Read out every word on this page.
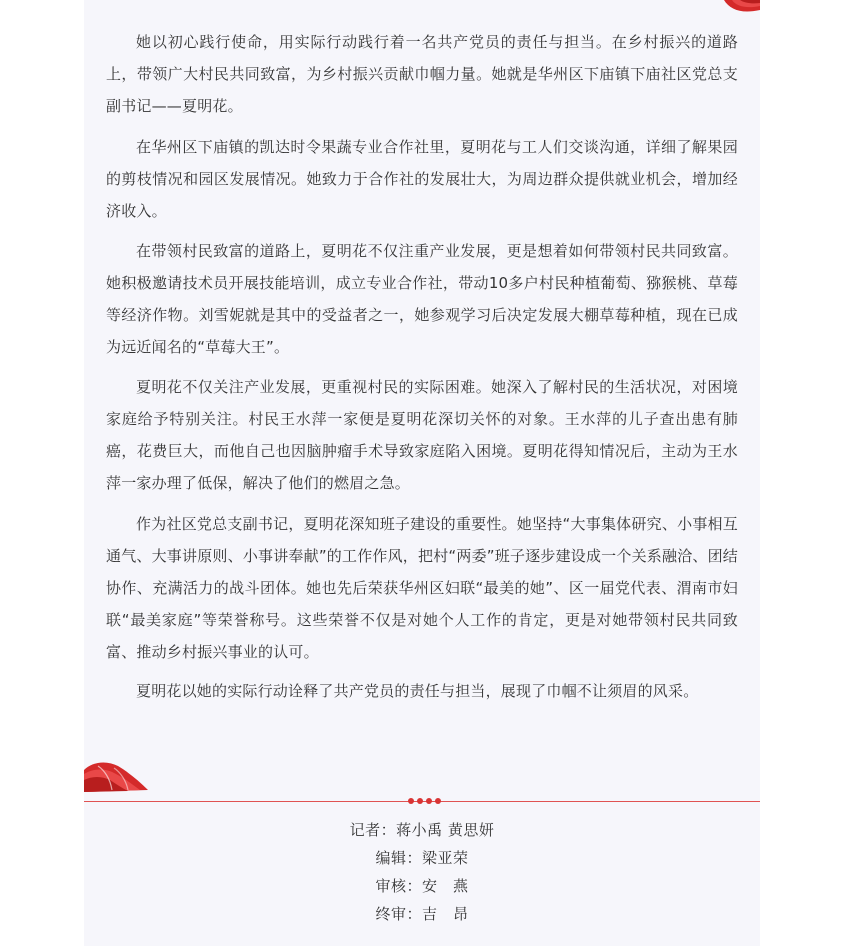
她以初心践行使命，用实际行动践行着一名共产党员的责任与担当。在乡村振兴的道路上，带领广大村民共同致富，为乡村振兴贡献巾帼力量。她就是华州区下庙镇下庙社区党总支副书记——夏明花。

在华州区下庙镇的凯达时令果蔬专业合作社里，夏明花与工人们交谈沟通，详细了解果园的剪枝情况和园区发展情况。她致力于合作社的发展壮大，为周边群众提供就业机会，增加经济收入。

在带领村民致富的道路上，夏明花不仅注重产业发展，更是想着如何带领村民共同致富。她积极邀请技术员开展技能培训，成立专业合作社，带动10多户村民种植葡萄、猕猴桃、草莓等经济作物。刘雪妮就是其中的受益者之一，她参观学习后决定发展大棚草莓种植，现在已成为远近闻名的“草莓大王”。

夏明花不仅关注产业发展，更重视村民的实际困难。她深入了解村民的生活状况，对困境家庭给予特别关注。村民王水萍一家便是夏明花深切关怀的对象。王水萍的儿子查出患有肺癌，花费巨大，而他自己也因脑肿瘤手术导致家庭陷入困境。夏明花得知情况后，主动为王水萍一家办理了低保，解决了他们的燃眉之急。

作为社区党总支副书记，夏明花深知班子建设的重要性。她坚持“大事集体研究、小事相互通气、大事讲原则、小事讲奉献”的工作作风，把村“两委”班子逐步建设成一个关系融洽、团结协作、充满活力的战斗团体。她也先后荣获华州区妇联“最美的她”、区一届党代表、渭南市妇联“最美家庭”等荣誉称号。这些荣誉不仅是对她个人工作的肯定，更是对她带领村民共同致富、推动乡村振兴事业的认可。

夏明花以她的实际行动诠释了共产党员的责任与担当，展现了巾帼不让须眉的风采。

记者：蒋小禹 黄思妍
编辑：梁亚荣
审核：安　燕
终审：吉　昂
